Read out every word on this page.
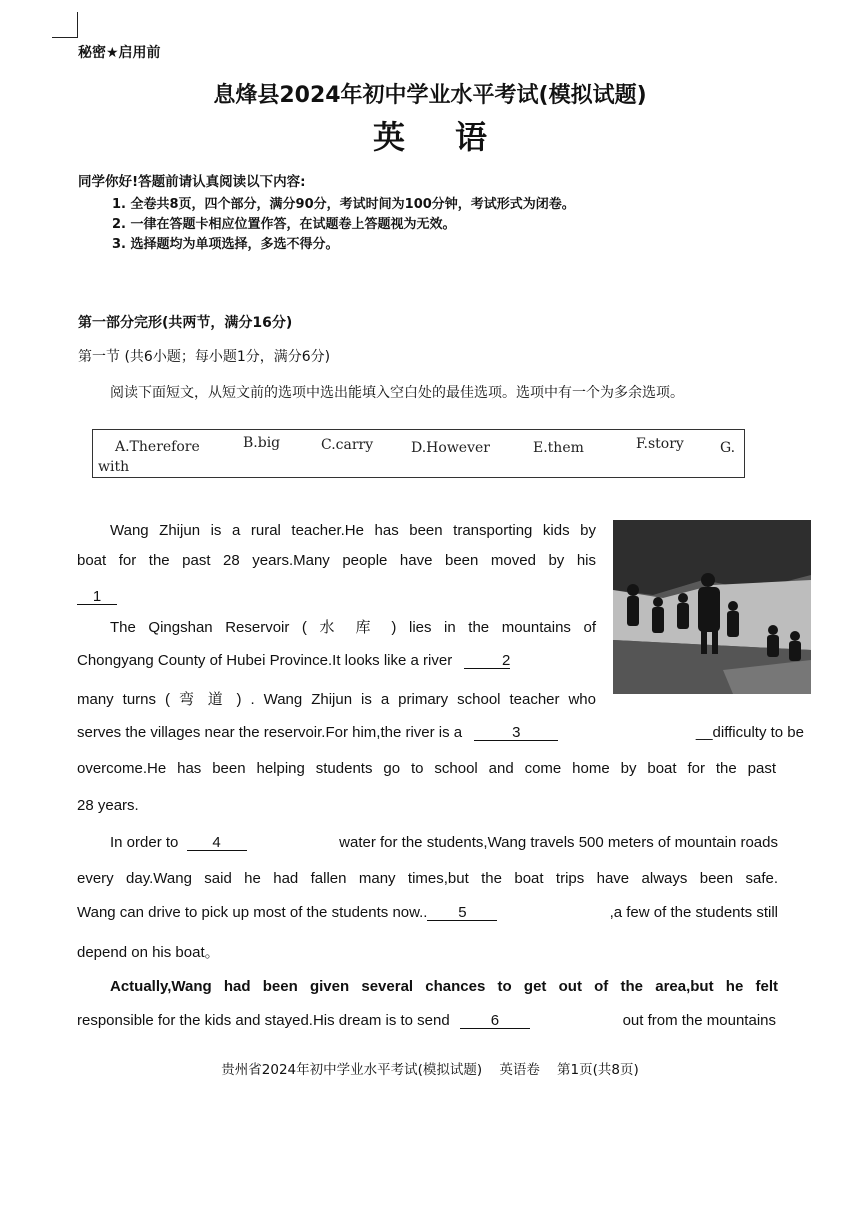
秘密★启用前
息烽县2024年初中学业水平考试(模拟试题)
英语
同学你好!答题前请认真阅读以下内容:
1. 全卷共8页，四个部分，满分90分，考试时间为100分钟，考试形式为闭卷。
2. 一律在答题卡相应位置作答，在试题卷上答题视为无效。
3. 选择题均为单项选择，多选不得分。
第一部分完形(共两节，满分16分)
第一节 (共6小题；每小题1分，满分6分)
阅读下面短文，从短文前的选项中选出能填入空白处的最佳选项。选项中有一个为多余选项。
A.Therefore	B.big	C.carry	D.However	E.them	F.story	G.
with
Wang Zhijun is a rural teacher.He has been transporting kids by
boat for the past 28 years.Many people have been moved by his
1
The Qingshan Reservoir ( 水 库 ) lies in the mountains of
Chongyang County of Hubei Province.It looks like a river	2
many turns ( 弯 道 ) . Wang Zhijun is a primary school teacher who
serves the villages near the reservoir.For him,the river is a	3	__difficulty to be
overcome.He has been helping students go to school and come home by boat for the past
28 years.
In order to 4	water for the students,Wang travels 500 meters of mountain roads
every day.Wang said he had fallen many times,but the boat trips have always been safe.
Wang can drive to pick up most of the students now.. 5	,a few of the students still
depend on his boat。
Actually,Wang had been given several chances to get out of the area,but he felt
responsible for the kids and stayed.His dream is to send	6	out from the mountains
贵州省2024年初中学业水平考试(模拟试题)    英语卷    第1页(共8页)
